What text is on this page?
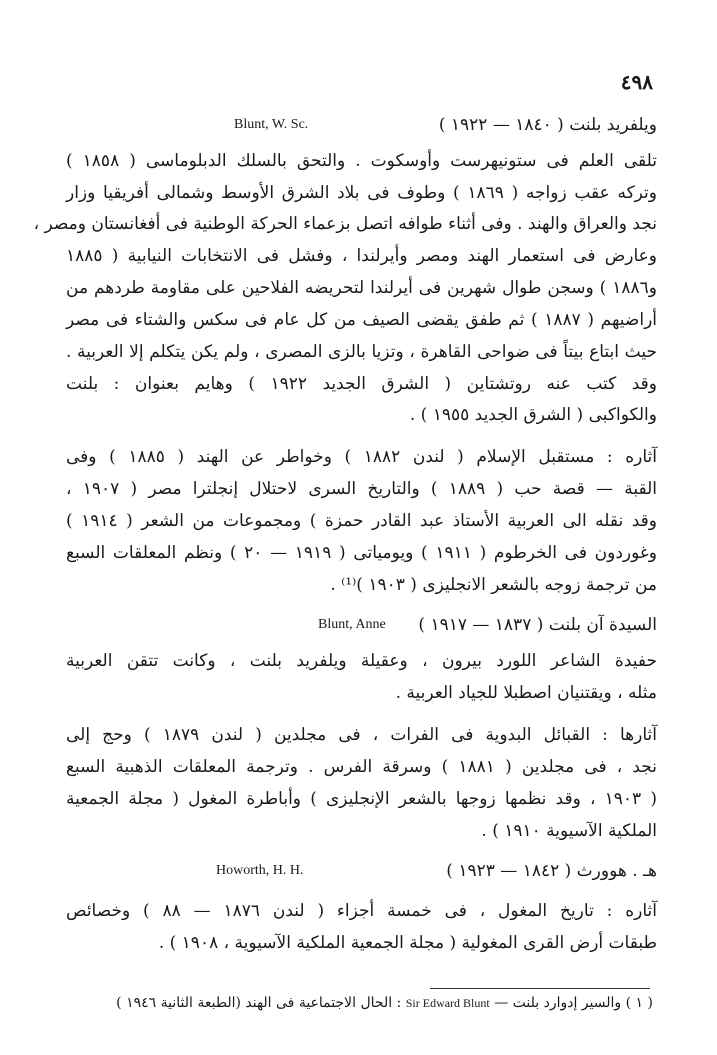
٤٩٨
ويلفريد بلنت ( ١٨٤٠ — ١٩٢٢ )
Blunt, W. Sc.
تلقى العلم فى ستونيهرست وأوسكوت . والتحق بالسلك الدبلوماسى ( ١٨٥٨ )
وتركه عقب زواجه ( ١٨٦٩ ) وطوف فى بلاد الشرق الأوسط وشمالى أفريقيا وزار
نجد والعراق والهند . وفى أثناء طوافه اتصل بزعماء الحركة الوطنية فى أفغانستان ومصر ،
وعارض فى استعمار الهند ومصر وأيرلندا ، وفشل فى الانتخابات النيابية ( ١٨٨٥
و١٨٨٦ ) وسجن طوال شهرين فى أيرلندا لتحريضه الفلاحين على مقاومة طردهم من
أراضيهم ( ١٨٨٧ ) ثم طفق يقضى الصيف من كل عام فى سكس والشتاء فى مصر
حيث ابتاع بيتاً فى ضواحى القاهرة ، وتزيا بالزى المصرى ، ولم يكن يتكلم إلا العربية .
وقد كتب عنه روتشتاين ( الشرق الجديد ١٩٢٢ ) وهايم بعنوان : بلنت
والكواكبى ( الشرق الجديد ١٩٥٥ ) .
آثاره : مستقبل الإسلام ( لندن ١٨٨٢ ) وخواطر عن الهند ( ١٨٨٥ ) وفى
القبة — قصة حب ( ١٨٨٩ ) والتاريخ السرى لاحتلال إنجلترا مصر ( ١٩٠٧ ،
وقد نقله الى العربية الأستاذ عبد القادر حمزة ) ومجموعات من الشعر ( ١٩١٤ )
وغوردون فى الخرطوم ( ١٩١١ ) ويومياتى ( ١٩١٩ — ٢٠ ) ونظم المعلقات السبع
من ترجمة زوجه بالشعر الانجليزى ( ١٩٠٣ )⁽¹⁾ .
السيدة آن بلنت ( ١٨٣٧ — ١٩١٧ )
Blunt, Anne
حفيدة الشاعر اللورد بيرون ، وعقيلة ويلفريد بلنت ، وكانت تتقن العربية
مثله ، ويقتنيان اصطبلا للجياد العربية .
آثارها : القبائل البدوية فى الفرات ، فى مجلدين ( لندن ١٨٧٩ ) وحج إلى
نجد ، فى مجلدين ( ١٨٨١ ) وسرقة الفرس . وترجمة المعلقات الذهبية السبع
( ١٩٠٣ ، وقد نظمها زوجها بالشعر الإنجليزى ) وأباطرة المغول ( مجلة الجمعية
الملكية الآسيوية ١٩١٠ ) .
هـ . هوورث ( ١٨٤٢ — ١٩٢٣ )
Howorth, H. H.
آثاره : تاريخ المغول ، فى خمسة أجزاء ( لندن ١٨٧٦ — ٨٨ ) وخصائص
طبقات أرض القرى المغولية ( مجلة الجمعية الملكية الآسيوية ، ١٩٠٨ ) .
( ١ ) والسير إدوارد بلنت — Sir Edward Blunt : الحال الاجتماعية فى الهند (الطبعة الثانية ١٩٤٦ )
